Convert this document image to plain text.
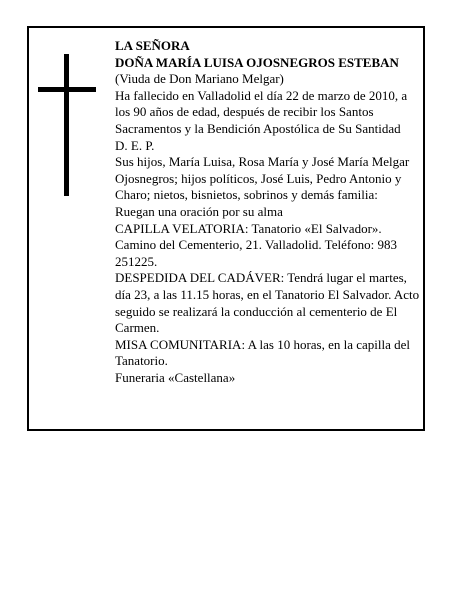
LA SEÑORA

DOÑA MARÍA LUISA OJOSNEGROS ESTEBAN

(Viuda de Don Mariano Melgar)

Ha fallecido en Valladolid el día 22 de marzo de 2010, a los 90 años de edad, después de recibir los Santos Sacramentos y la Bendición Apostólica de Su Santidad

D. E. P.

Sus hijos, María Luisa, Rosa María y José María Melgar Ojosnegros; hijos políticos, José Luis, Pedro Antonio y Charo; nietos, bisnietos, sobrinos y demás familia:

Ruegan una oración por su alma

CAPILLA VELATORIA: Tanatorio «El Salvador». Camino del Cementerio, 21. Valladolid. Teléfono: 983 251225.

DESPEDIDA DEL CADÁVER: Tendrá lugar el martes, día 23, a las 11.15 horas, en el Tanatorio El Salvador. Acto seguido se realizará la conducción al cementerio de El Carmen.

MISA COMUNITARIA: A las 10 horas, en la capilla del Tanatorio.

Funeraria «Castellana»
